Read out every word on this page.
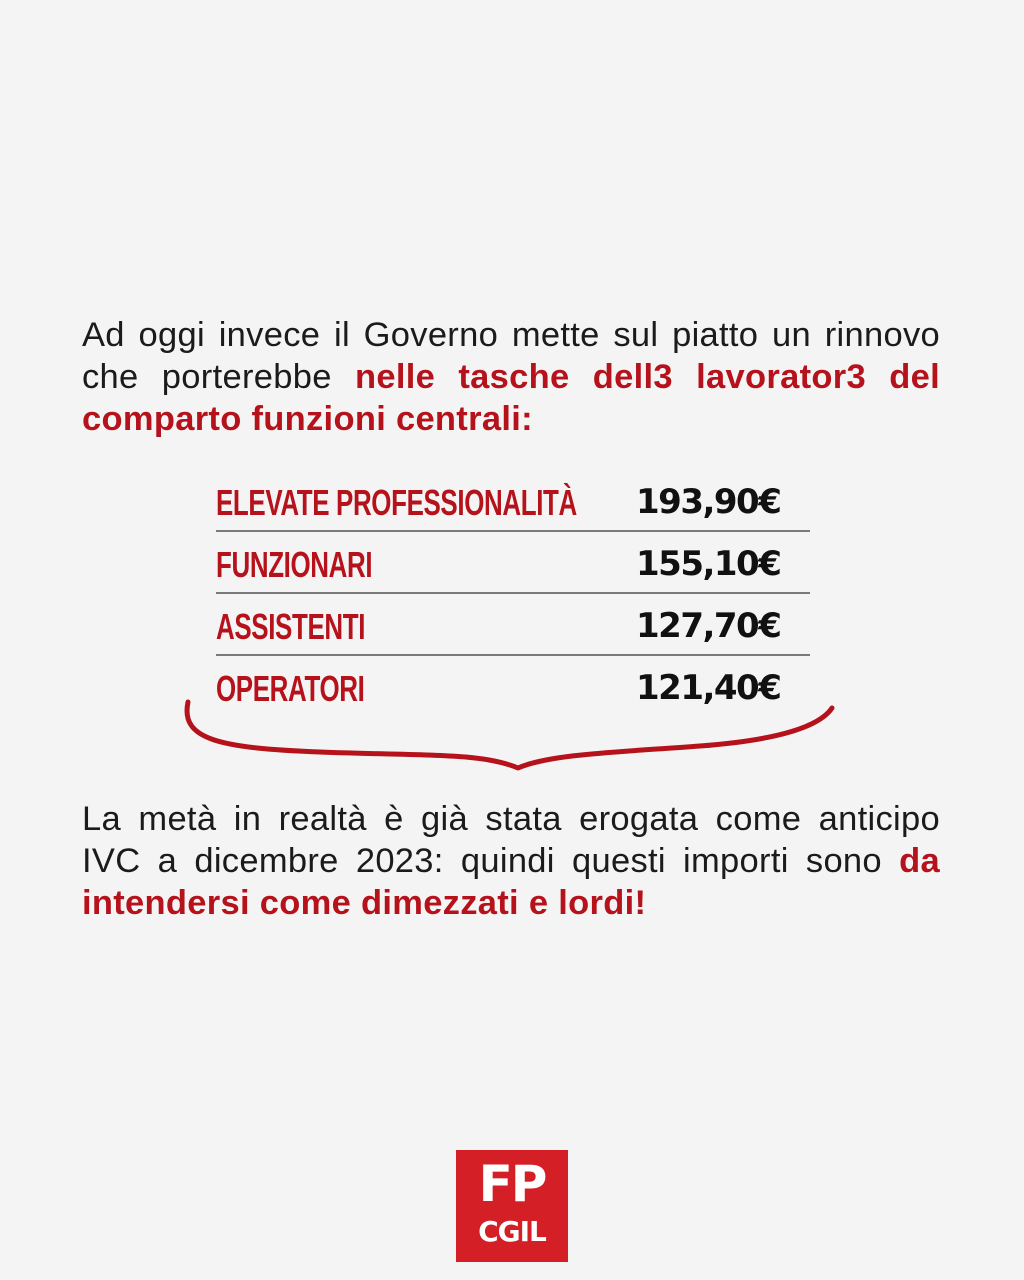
Ad oggi invece il Governo mette sul piatto un rinnovo che porterebbe nelle tasche dell3 lavorator3 del comparto funzioni centrali:
ELEVATE PROFESSIONALITÀ 193,90€
FUNZIONARI	155,10€
ASSISTENTI	127,70€
OPERATORI	121,40€
La metà in realtà è già stata erogata come anticipo IVC a dicembre 2023: quindi questi importi sono da intendersi come dimezzati e lordi!
FP
CGIL
